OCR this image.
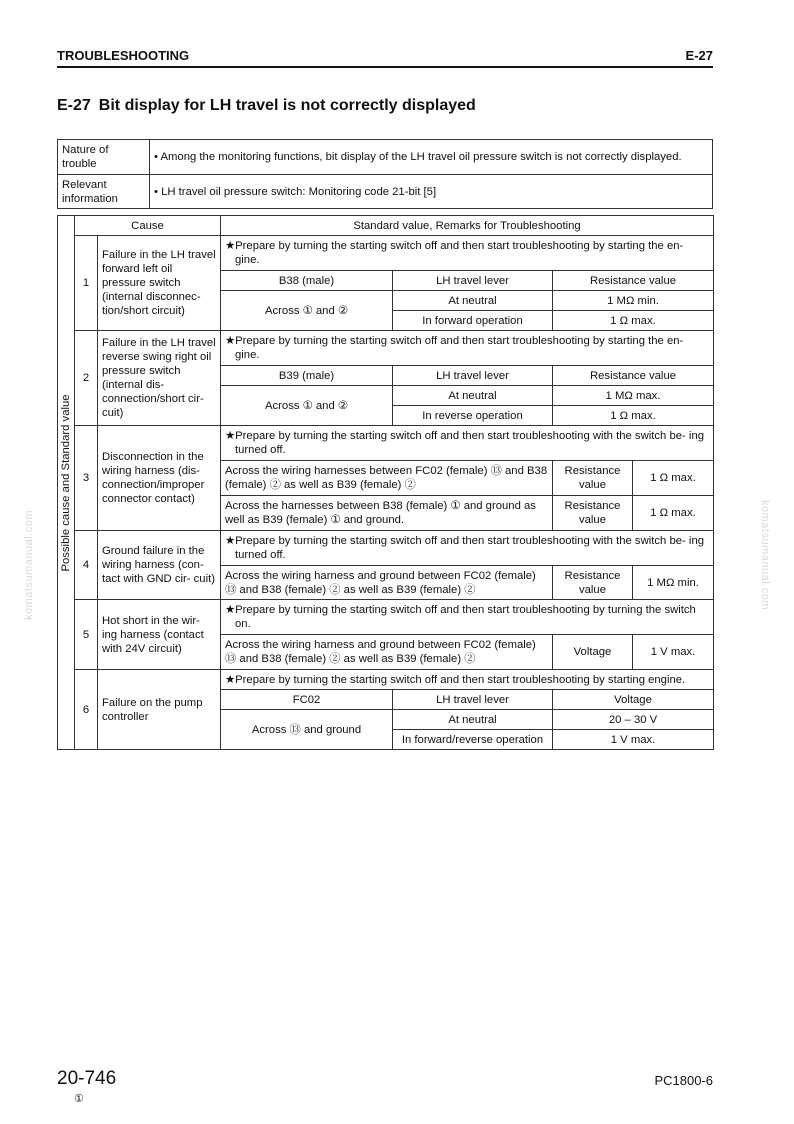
komatsumanual.com	komatsumanual.com
TROUBLESHOOTING	E-27
E-27 Bit display for LH travel is not correctly displayed
Nature of trouble	• Among the monitoring functions, bit display of the LH travel oil pressure switch is not correctly displayed.
Relevant information	• LH travel oil pressure switch: Monitoring code 21-bit [5]
Possible cause and Standard value	Cause		Standard value, Remarks for Troubleshooting			
	1	Failure in the LH travel forward left oil pressure switch (internal disconnec- tion/short circuit)	★Prepare by turning the starting switch off and then start troubleshooting by starting the en- gine.			

			B38 (male)	LH travel lever	Resistance value	
			Across ① and ②	At neutral	1 MΩ min.	
				In forward operation	1 Ω max.	
	2	Failure in the LH travel reverse swing right oil pressure switch (internal dis- connection/short cir- cuit)	★Prepare by turning the starting switch off and then start troubleshooting by starting the en- gine.			

			B39 (male)	LH travel lever	Resistance value	
			Across ① and ②	At neutral	1 MΩ max.	
				In reverse operation	1 Ω max.	
	3	Disconnection in the wiring harness (dis- connection/improper connector contact)	★Prepare by turning the starting switch off and then start troubleshooting with the switch be- ing turned off.			

			Across the wiring harnesses between FC02 (female) ⑬ and B38 (female) ② as well as B39 (female) ②		Resistance value	1 Ω max.
			Across the harnesses between B38 (female) ① and ground as well as B39 (female) ① and ground.		Resistance value	1 Ω max.
	4	Ground failure in the wiring harness (con- tact with GND cir- cuit)	★Prepare by turning the starting switch off and then start troubleshooting with the switch be- ing turned off.			

			Across the wiring harness and ground between FC02 (female) ⑬ and B38 (female) ② as well as B39 (female) ②		Resistance value	1 MΩ min.
	5	Hot short in the wir- ing harness (contact with 24V circuit)	★Prepare by turning the starting switch off and then start troubleshooting by turning the switch on.			

			Across the wiring harness and ground between FC02 (female) ⑬ and B38 (female) ② as well as B39 (female) ②		Voltage	1 V max.
	6	Failure on the pump controller	★Prepare by turning the starting switch off and then start troubleshooting by starting engine.			
			FC02	LH travel lever	Voltage	
			Across ⑬ and ground	At neutral	20 – 30 V	
				In forward/reverse operation	1 V max.	
20-746
①
PC1800-6
